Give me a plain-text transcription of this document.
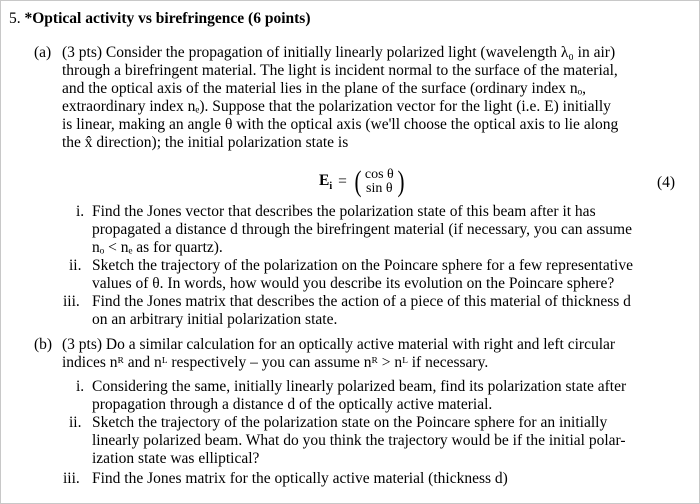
5. *Optical activity vs birefringence (6 points)
(a) (3 pts) Consider the propagation of initially linearly polarized light (wavelength λ₀ in air)
through a birefringent material. The light is incident normal to the surface of the material,
and the optical axis of the material lies in the plane of the surface (ordinary index nₒ,
extraordinary index nₑ). Suppose that the polarization vector for the light (i.e. E) initially
is linear, making an angle θ with the optical axis (we'll choose the optical axis to lie along
the x̂ direction); the initial polarization state is
$E_i$ = ( cos θ
sin θ )	(4)
i. Find the Jones vector that describes the polarization state of this beam after it has
propagated a distance d through the birefringent material (if necessary, you can assume
nₒ < nₑ as for quartz).
ii. Sketch the trajectory of the polarization on the Poincare sphere for a few representative
values of θ. In words, how would you describe its evolution on the Poincare sphere?
iii. Find the Jones matrix that describes the action of a piece of this material of thickness d
on an arbitrary initial polarization state.
(b) (3 pts) Do a similar calculation for an optically active material with right and left circular
indices nᴿ and nᴸ respectively – you can assume nᴿ > nᴸ if necessary.
i. Considering the same, initially linearly polarized beam, find its polarization state after
propagation through a distance d of the optically active material.
ii. Sketch the trajectory of the polarization state on the Poincare sphere for an initially
linearly polarized beam. What do you think the trajectory would be if the initial polar-
ization state was elliptical?
iii. Find the Jones matrix for the optically active material (thickness d)
